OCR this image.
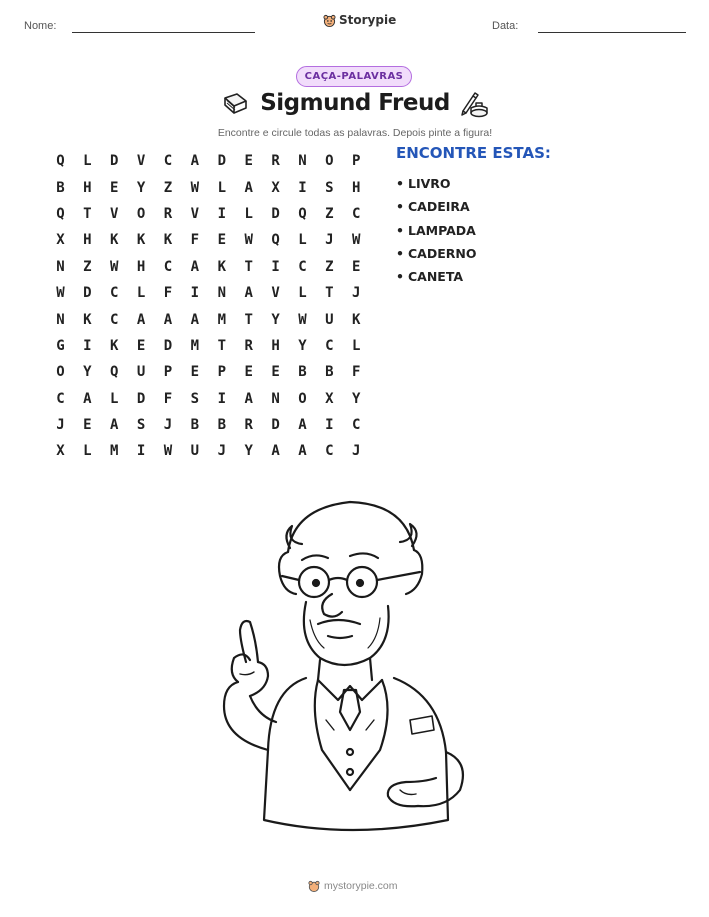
Nome:	Storypie	Data:
CAÇA-PALAVRAS
Sigmund Freud
Encontre e circule todas as palavras. Depois pinte a figura!
Q	L	D	V	C	A	D	E	R	N	O	P
B	H	E	Y	Z	W	L	A	X	I	S	H
Q	T	V	O	R	V	I	L	D	Q	Z	C
X	H	K	K	K	F	E	W	Q	L	J	W
N	Z	W	H	C	A	K	T	I	C	Z	E
W	D	C	L	F	I	N	A	V	L	T	J
N	K	C	A	A	A	M	T	Y	W	U	K
G	I	K	E	D	M	T	R	H	Y	C	L
O	Y	Q	U	P	E	P	E	E	B	B	F
C	A	L	D	F	S	I	A	N	O	X	Y
J	E	A	S	J	B	B	R	D	A	I	C
X	L	M	I	W	U	J	Y	A	A	C	J
ENCONTRE ESTAS:
• LIVRO
• CADEIRA
• LAMPADA
• CADERNO
• CANETA
mystorypie.com
